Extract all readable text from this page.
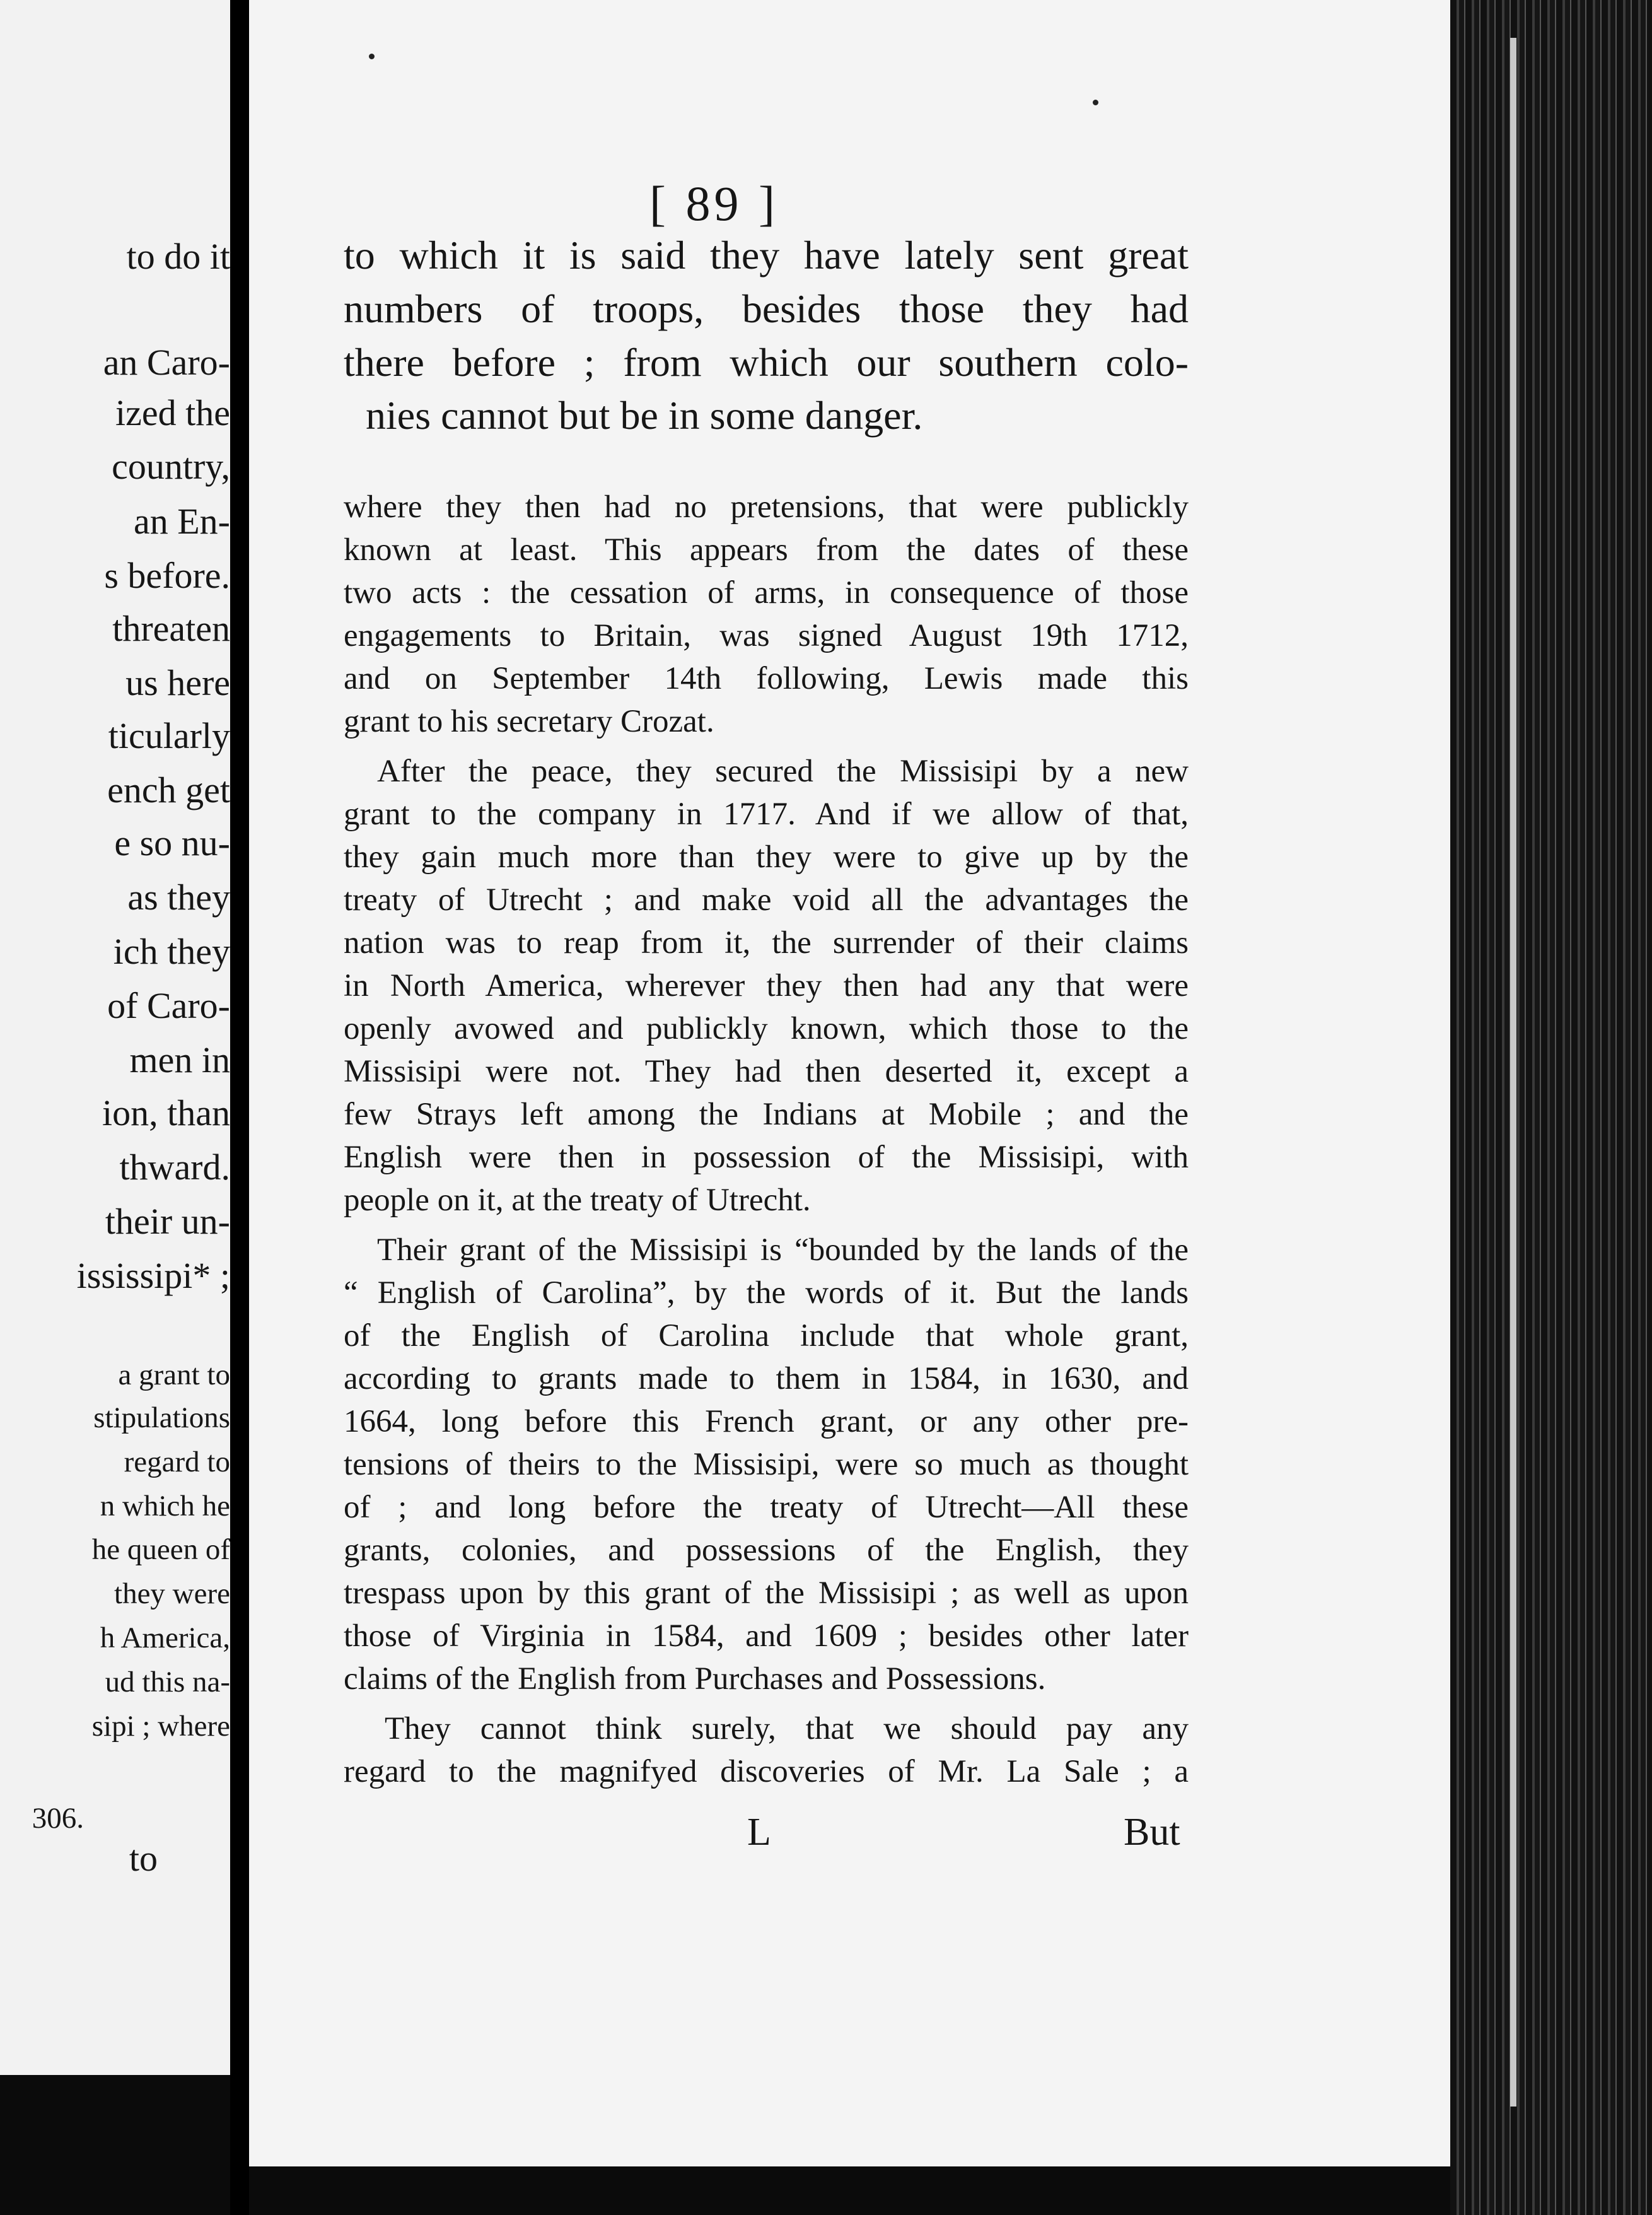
to do it
an Caro-
ized the
country,
an En-
s before.
threaten
us here
ticularly
ench get
e so nu-
as they
ich they
of Caro-
men in
ion, than
thward.
their un-
ississipi* ;
a grant to
stipulations
regard to
n which he
he queen of
they were
h America,
ud this na-
sipi ; where
306.
to
[ 89 ]
to which it is said they have lately sent great
numbers of troops, besides those they had
there before ; from which our southern colo-
nies cannot but be in some danger.
where they then had no pretensions, that were publickly
known at least. This appears from the dates of these
two acts : the cessation of arms, in consequence of those
engagements to Britain, was signed August 19th 1712,
and on September 14th following, Lewis made this
grant to his secretary Crozat.
After the peace, they secured the Missisipi by a new
grant to the company in 1717. And if we allow of that,
they gain much more than they were to give up by the
treaty of Utrecht ; and make void all the advantages the
nation was to reap from it, the surrender of their claims
in North America, wherever they then had any that were
openly avowed and publickly known, which those to the
Missisipi were not. They had then deserted it, except a
few Strays left among the Indians at Mobile ; and the
English were then in possession of the Missisipi, with
people on it, at the treaty of Utrecht.
Their grant of the Missisipi is “bounded by the lands of the
“ English of Carolina”, by the words of it. But the lands
of the English of Carolina include that whole grant,
according to grants made to them in 1584, in 1630, and
1664, long before this French grant, or any other pre-
tensions of theirs to the Missisipi, were so much as thought
of ; and long before the treaty of Utrecht—All these
grants, colonies, and possessions of the English, they
trespass upon by this grant of the Missisipi ; as well as upon
those of Virginia in 1584, and 1609 ; besides other later
claims of the English from Purchases and Possessions.
They cannot think surely, that we should pay any
regard to the magnifyed discoveries of Mr. La Sale ; a
L	But
